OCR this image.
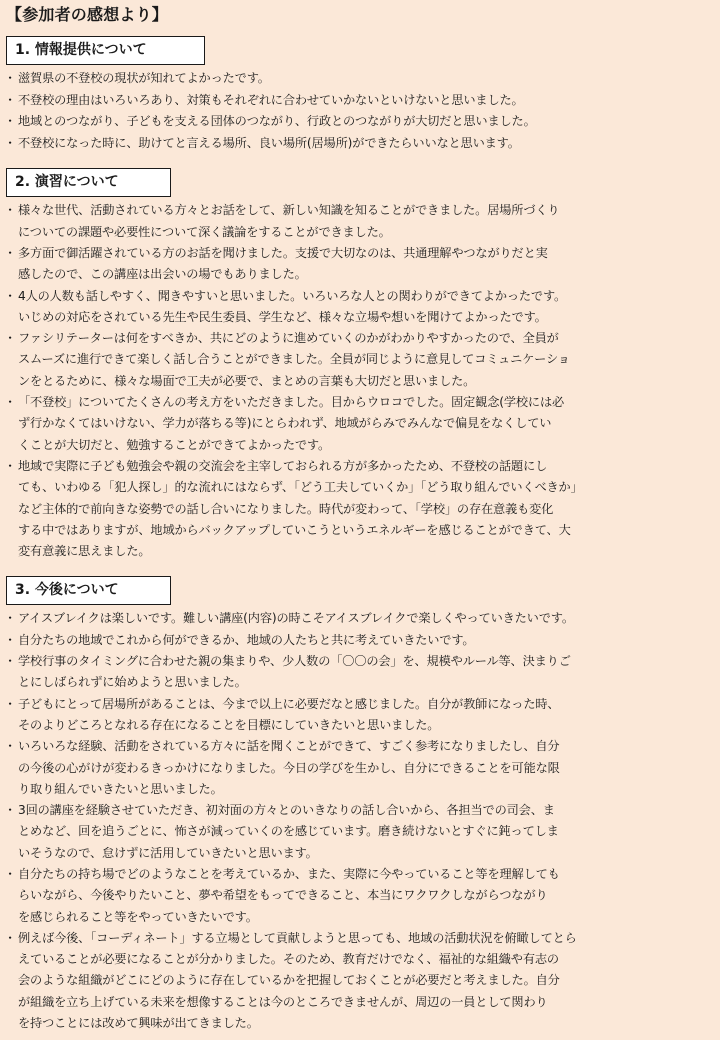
【参加者の感想より】
1. 情報提供について
・ 滋賀県の不登校の現状が知れてよかったです。
・ 不登校の理由はいろいろあり、対策もそれぞれに合わせていかないといけないと思いました。
・ 地域とのつながり、子どもを支える団体のつながり、行政とのつながりが大切だと思いました。
・ 不登校になった時に、助けてと言える場所、良い場所(居場所)ができたらいいなと思います。
2. 演習について
・ 様々な世代、活動されている方々とお話をして、新しい知識を知ることができました。居場所づくり
についての課題や必要性について深く議論をすることができました。
・ 多方面で御活躍されている方のお話を聞けました。支援で大切なのは、共通理解やつながりだと実
感したので、この講座は出会いの場でもありました。
・ 4人の人数も話しやすく、聞きやすいと思いました。いろいろな人との関わりができてよかったです。
いじめの対応をされている先生や民生委員、学生など、様々な立場や想いを聞けてよかったです。
・ ファシリテーターは何をすべきか、共にどのように進めていくのかがわかりやすかったので、全員が
スムーズに進行できて楽しく話し合うことができました。全員が同じように意見してコミュニケーショ
ンをとるために、様々な場面で工夫が必要で、まとめの言葉も大切だと思いました。
・ 「不登校」についてたくさんの考え方をいただきました。目からウロコでした。固定観念(学校には必
ず行かなくてはいけない、学力が落ちる等)にとらわれず、地域がらみでみんなで偏見をなくしてい
くことが大切だと、勉強することができてよかったです。
・ 地域で実際に子ども勉強会や親の交流会を主宰しておられる方が多かったため、不登校の話題にし
ても、いわゆる「犯人探し」的な流れにはならず、「どう工夫していくか」「どう取り組んでいくべきか」
など主体的で前向きな姿勢での話し合いになりました。時代が変わって、「学校」の存在意義も変化
する中ではありますが、地域からバックアップしていこうというエネルギーを感じることができて、大
変有意義に思えました。
3. 今後について
・ アイスブレイクは楽しいです。難しい講座(内容)の時こそアイスブレイクで楽しくやっていきたいです。
・ 自分たちの地域でこれから何ができるか、地域の人たちと共に考えていきたいです。
・ 学校行事のタイミングに合わせた親の集まりや、少人数の「〇〇の会」を、規模やルール等、決まりご
とにしばられずに始めようと思いました。
・ 子どもにとって居場所があることは、今まで以上に必要だなと感じました。自分が教師になった時、
そのよりどころとなれる存在になることを目標にしていきたいと思いました。
・ いろいろな経験、活動をされている方々に話を聞くことができて、すごく参考になりましたし、自分
の今後の心がけが変わるきっかけになりました。今日の学びを生かし、自分にできることを可能な限
り取り組んでいきたいと思いました。
・ 3回の講座を経験させていただき、初対面の方々とのいきなりの話し合いから、各担当での司会、ま
とめなど、回を追うごとに、怖さが減っていくのを感じています。磨き続けないとすぐに鈍ってしま
いそうなので、怠けずに活用していきたいと思います。
・ 自分たちの持ち場でどのようなことを考えているか、また、実際に今やっていること等を理解しても
らいながら、今後やりたいこと、夢や希望をもってできること、本当にワクワクしながらつながり
を感じられること等をやっていきたいです。
・ 例えば今後、「コーディネート」する立場として貢献しようと思っても、地域の活動状況を俯瞰してとら
えていることが必要になることが分かりました。そのため、教育だけでなく、福祉的な組織や有志の
会のような組織がどこにどのように存在しているかを把握しておくことが必要だと考えました。自分
が組織を立ち上げている未来を想像することは今のところできませんが、周辺の一員として関わり
を持つことには改めて興味が出てきました。
